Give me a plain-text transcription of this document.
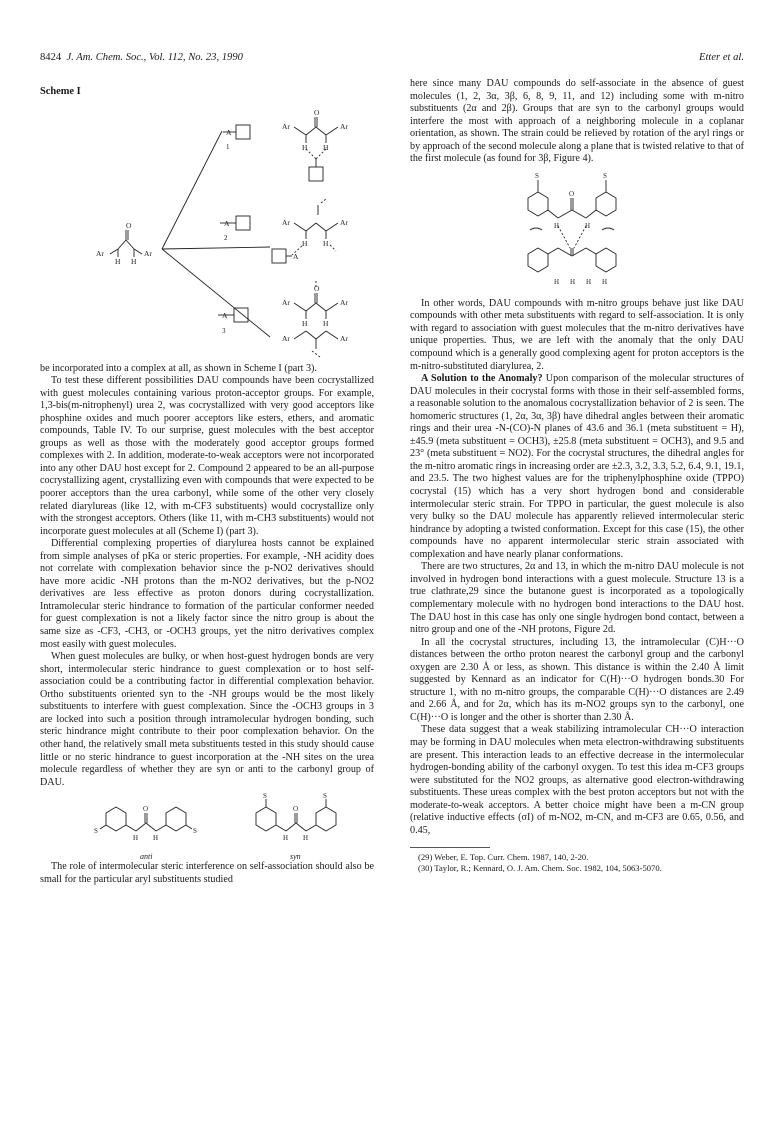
8424 J. Am. Chem. Soc., Vol. 112, No. 23, 1990	Etter et al.
Scheme I
O
Ar	Ar
H H
A
A
A
O
Ar	Ar
H H
Ar	Ar
H H
A
Ar	Ar
H H
Ar	Ar
O
1
2
3

be incorporated into a complex at all, as shown in Scheme I (part 3).

To test these different possibilities DAU compounds have been cocrystallized with guest molecules containing various proton-acceptor groups. For example, 1,3-bis(m-nitrophenyl) urea 2, was cocrystallized with very good acceptors like phosphine oxides and much poorer acceptors like esters, ethers, and aromatic compounds, Table IV. To our surprise, guest molecules with the best acceptor groups as well as those with the moderately good acceptor groups formed complexes with 2. In addition, moderate-to-weak acceptors were not incorporated into any other DAU host except for 2. Compound 2 appeared to be an all-purpose cocrystallizing agent, crystallizing even with compounds that were expected to be poorer acceptors than the urea carbonyl, while some of the other very closely related diarylureas (like 12, with m-CF3 substituents) would cocrystallize only with the strongest acceptors. Others (like 11, with m-CH3 substituents) would not incorporate guest molecules at all (Scheme I) (part 3).

Differential complexing properties of diarylurea hosts cannot be explained from simple analyses of pKa or steric properties. For example, -NH acidity does not correlate with complexation behavior since the p-NO2 derivatives should have more acidic -NH protons than the m-NO2 derivatives, but the p-NO2 derivatives are less effective as proton donors during cocrystallization. Intramolecular steric hindrance to formation of the particular conformer needed for guest complexation is not a likely factor since the nitro group is about the same size as -CF3, -CH3, or -OCH3 groups, yet the nitro derivatives complex most easily with guest molecules.

When guest molecules are bulky, or when host-guest hydrogen bonds are very short, intermolecular steric hindrance to guest complexation or to host self-association could be a contributing factor in differential complexation behavior. Ortho substituents oriented syn to the -NH groups would be the most likely substituents to interfere with guest complexation. Since the -OCH3 groups in 3 are locked into such a position through intramolecular hydrogen bonding, such steric hindrance might contribute to their poor complexation behavior. On the other hand, the relatively small meta substituents tested in this study should cause little or no steric hindrance to guest incorporation at the -NH sites on the urea molecule regardless of whether they are syn or anti to the carbonyl group of DAU.

S	S
O
H H
S	S
O
H H
anti	syn

The role of intermolecular steric interference on self-association should also be small for the particular aryl substituents studied

here since many DAU compounds do self-associate in the absence of guest molecules (1, 2, 3α, 3β, 6, 8, 9, 11, and 12) including some with m-nitro substituents (2α and 2β). Groups that are syn to the carbonyl groups would interfere the most with approach of a neighboring molecule in a coplanar orientation, as shown. The strain could be relieved by rotation of the aryl rings or by approach of the second molecule along a plane that is twisted relative to that of the first molecule (as found for 3β, Figure 4).

S	S
O
H	H
H H H H

In other words, DAU compounds with m-nitro groups behave just like DAU compounds with other meta substituents with regard to self-association. It is only with regard to association with guest molecules that the m-nitro derivatives have unique properties. Thus, we are left with the anomaly that the only DAU compound which is a generally good complexing agent for proton acceptors is the m-nitro-substituted diarylurea, 2.

A Solution to the Anomaly? Upon comparison of the molecular structures of DAU molecules in their cocrystal forms with those in their self-assembled forms, a reasonable solution to the anomalous cocrystallization behavior of 2 is seen. The homomeric structures (1, 2α, 3α, 3β) have dihedral angles between their aromatic rings and their urea -N-(CO)-N planes of 43.6 and 36.1 (meta substituent = H), ±45.9 (meta substituent = OCH3), ±25.8 (meta substituent = OCH3), and 9.5 and 23° (meta substituent = NO2). For the cocrystal structures, the dihedral angles for the m-nitro aromatic rings in increasing order are ±2.3, 3.2, 3.3, 5.2, 6.4, 9.1, 19.1, and 23.5. The two highest values are for the triphenylphosphine oxide (TPPO) cocrystal (15) which has a very short hydrogen bond and considerable intermolecular steric strain. For TPPO in particular, the guest molecule is also very bulky so the DAU molecule has apparently relieved intermolecular steric hindrance by adopting a twisted conformation. Except for this case (15), the other compounds have no apparent intermolecular steric strain associated with complexation and have nearly planar conformations.

There are two structures, 2α and 13, in which the m-nitro DAU molecule is not involved in hydrogen bond interactions with a guest molecule. Structure 13 is a true clathrate,29 since the butanone guest is incorporated as a topologically complementary molecule with no hydrogen bond interactions to the DAU host. The DAU host in this case has only one single hydrogen bond contact, between a nitro group and one of the -NH protons, Figure 2d.

In all the cocrystal structures, including 13, the intramolecular (C)H···O distances between the ortho proton nearest the carbonyl group and the carbonyl oxygen are 2.30 Å or less, as shown. This distance is within the 2.40 Å limit suggested by Kennard as an indicator for C(H)···O hydrogen bonds.30 For structure 1, with no m-nitro groups, the comparable C(H)···O distances are 2.49 and 2.66 Å, and for 2α, which has its m-NO2 groups syn to the carbonyl, one C(H)···O is longer and the other is shorter than 2.30 Å.

These data suggest that a weak stabilizing intramolecular CH···O interaction may be forming in DAU molecules when meta electron-withdrawing substituents are present. This interaction leads to an effective decrease in the intermolecular hydrogen-bonding ability of the carbonyl oxygen. To test this idea m-CF3 groups were substituted for the NO2 groups, as alternative good electron-withdrawing substituents. These ureas complex with the best proton acceptors but not with the moderate-to-weak acceptors. A better choice might have been a m-CN group (relative inductive effects (σI) of m-NO2, m-CN, and m-CF3 are 0.65, 0.56, and 0.45,

(29) Weber, E. Top. Curr. Chem. 1987, 140, 2-20.

(30) Taylor, R.; Kennard, O. J. Am. Chem. Soc. 1982, 104, 5063-5070.
